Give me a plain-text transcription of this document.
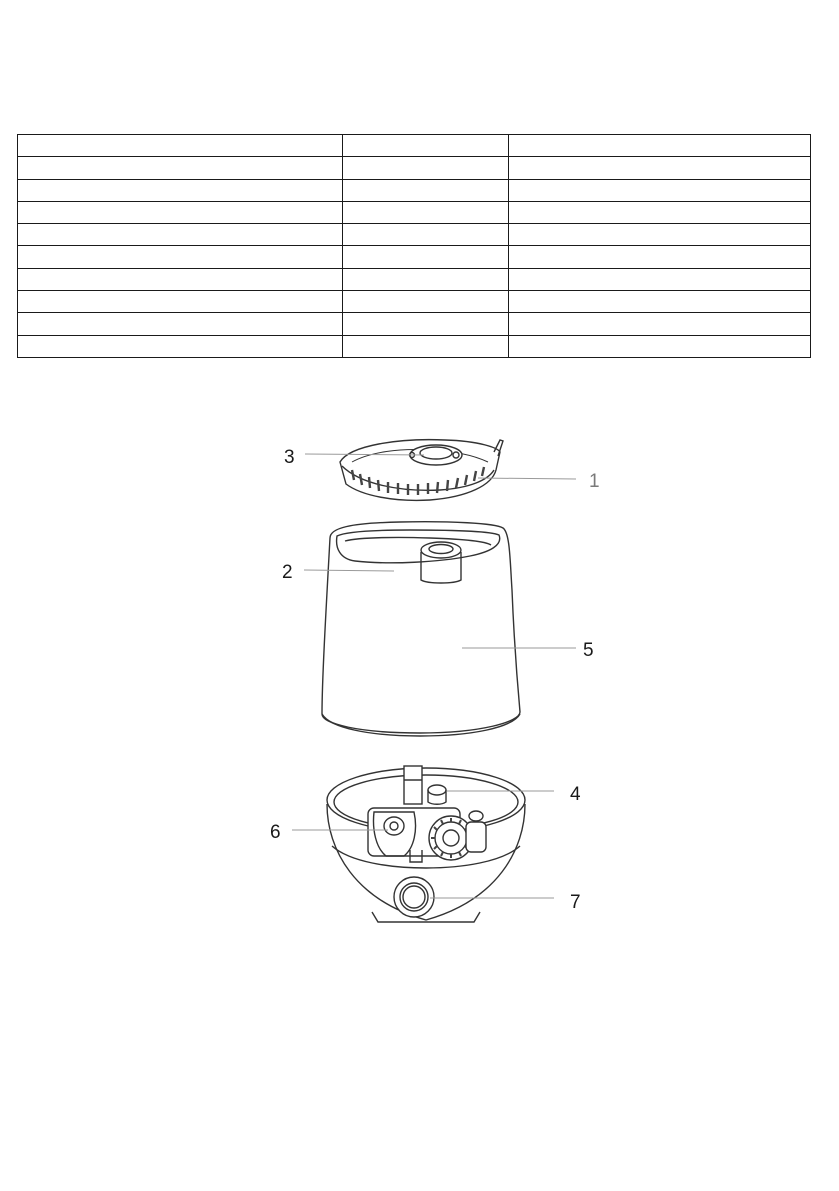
3
1
2
5
4
6
7
